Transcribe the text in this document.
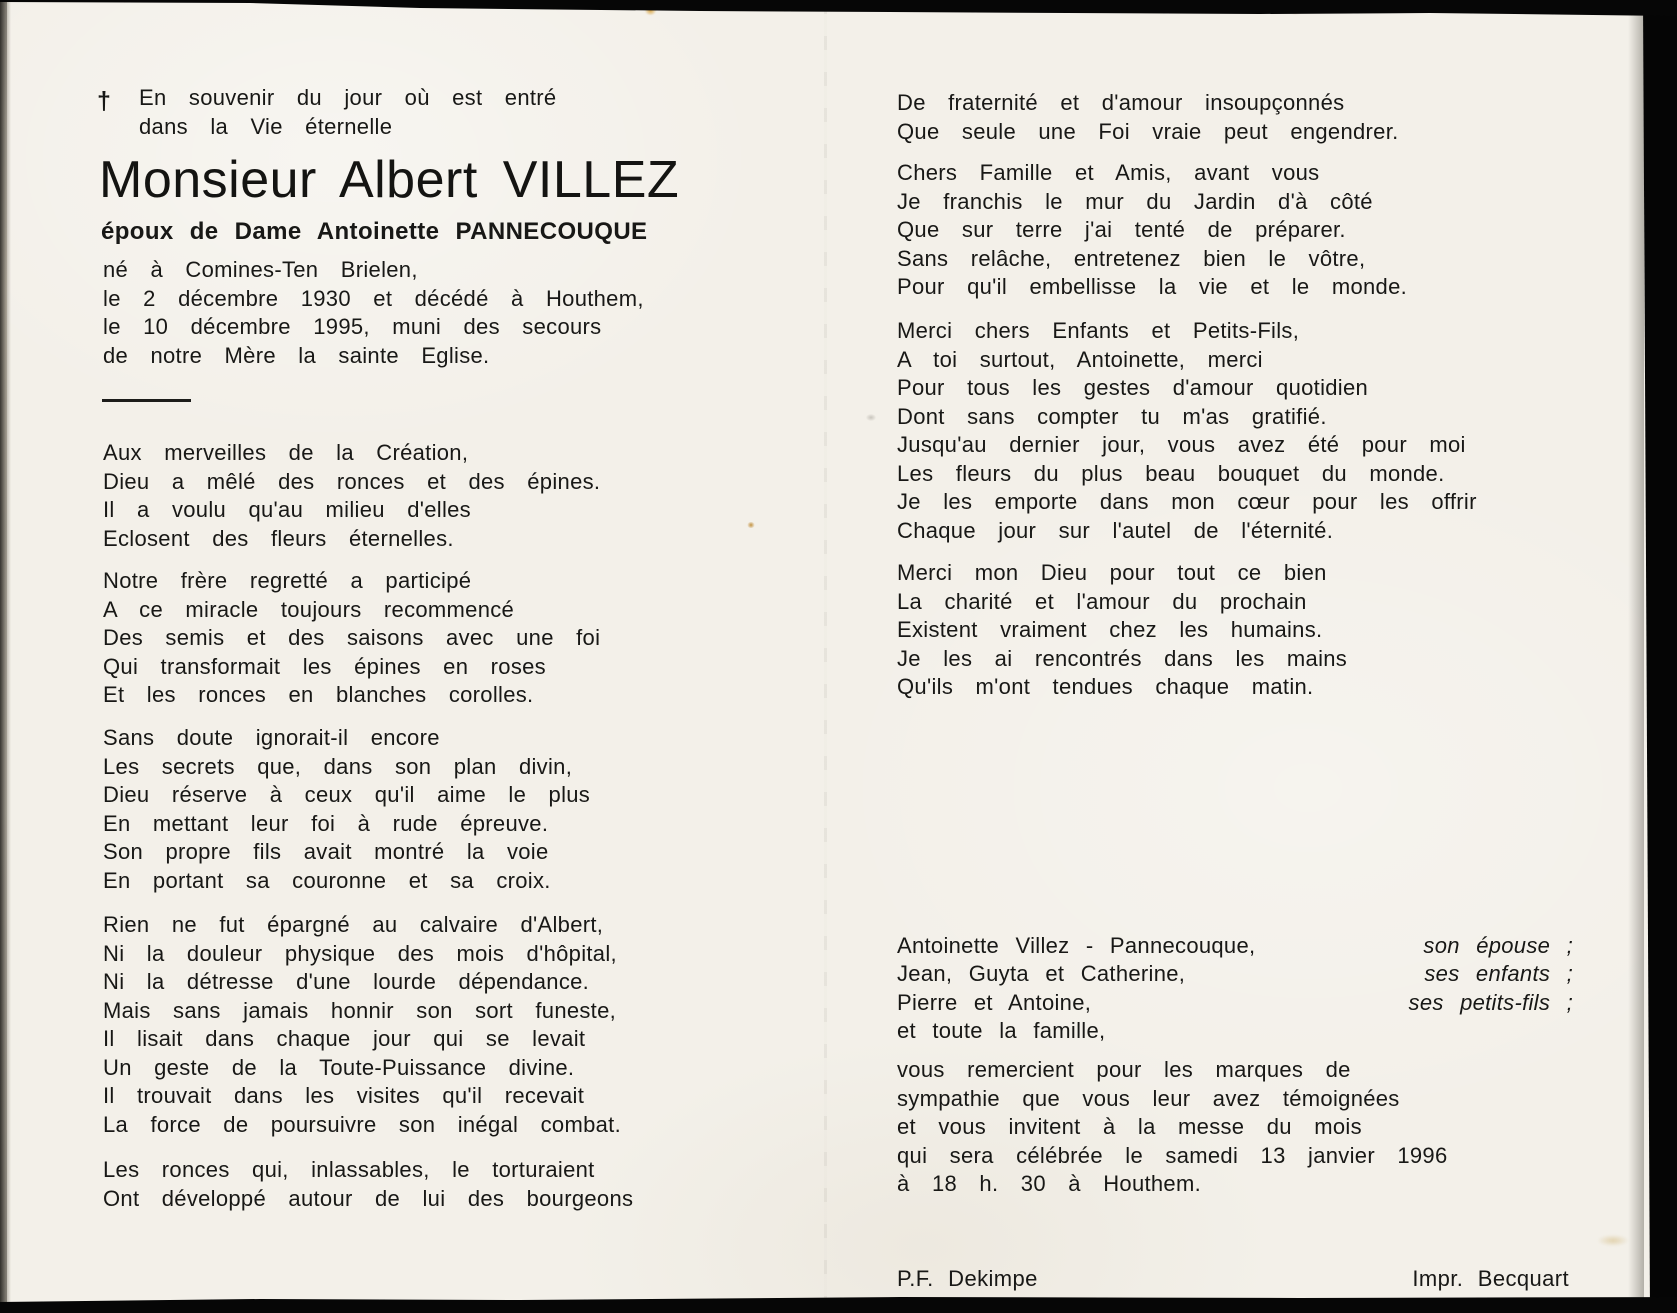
† En souvenir du jour où est entré
dans la Vie éternelle
Monsieur Albert VILLEZ
époux de Dame Antoinette PANNECOUQUE
né à Comines-Ten Brielen,
le 2 décembre 1930 et décédé à Houthem,
le 10 décembre 1995, muni des secours
de notre Mère la sainte Eglise.
Aux merveilles de la Création,
Dieu a mêlé des ronces et des épines.
Il a voulu qu'au milieu d'elles
Eclosent des fleurs éternelles.
Notre frère regretté a participé
A ce miracle toujours recommencé
Des semis et des saisons avec une foi
Qui transformait les épines en roses
Et les ronces en blanches corolles.
Sans doute ignorait-il encore
Les secrets que, dans son plan divin,
Dieu réserve à ceux qu'il aime le plus
En mettant leur foi à rude épreuve.
Son propre fils avait montré la voie
En portant sa couronne et sa croix.
Rien ne fut épargné au calvaire d'Albert,
Ni la douleur physique des mois d'hôpital,
Ni la détresse d'une lourde dépendance.
Mais sans jamais honnir son sort funeste,
Il lisait dans chaque jour qui se levait
Un geste de la Toute-Puissance divine.
Il trouvait dans les visites qu'il recevait
La force de poursuivre son inégal combat.
Les ronces qui, inlassables, le torturaient
Ont développé autour de lui des bourgeons
De fraternité et d'amour insoupçonnés
Que seule une Foi vraie peut engendrer.
Chers Famille et Amis, avant vous
Je franchis le mur du Jardin d'à côté
Que sur terre j'ai tenté de préparer.
Sans relâche, entretenez bien le vôtre,
Pour qu'il embellisse la vie et le monde.
Merci chers Enfants et Petits-Fils,
A toi surtout, Antoinette, merci
Pour tous les gestes d'amour quotidien
Dont sans compter tu m'as gratifié.
Jusqu'au dernier jour, vous avez été pour moi
Les fleurs du plus beau bouquet du monde.
Je les emporte dans mon cœur pour les offrir
Chaque jour sur l'autel de l'éternité.
Merci mon Dieu pour tout ce bien
La charité et l'amour du prochain
Existent vraiment chez les humains.
Je les ai rencontrés dans les mains
Qu'ils m'ont tendues chaque matin.
Antoinette Villez - Pannecouque,	son épouse ;
Jean, Guyta et Catherine,	ses enfants ;
Pierre et Antoine,	ses petits-fils ;
et toute la famille,
vous remercient pour les marques de
sympathie que vous leur avez témoignées
et vous invitent à la messe du mois
qui sera célébrée le samedi 13 janvier 1996
à 18 h. 30 à Houthem.
P.F. Dekimpe	Impr. Becquart
